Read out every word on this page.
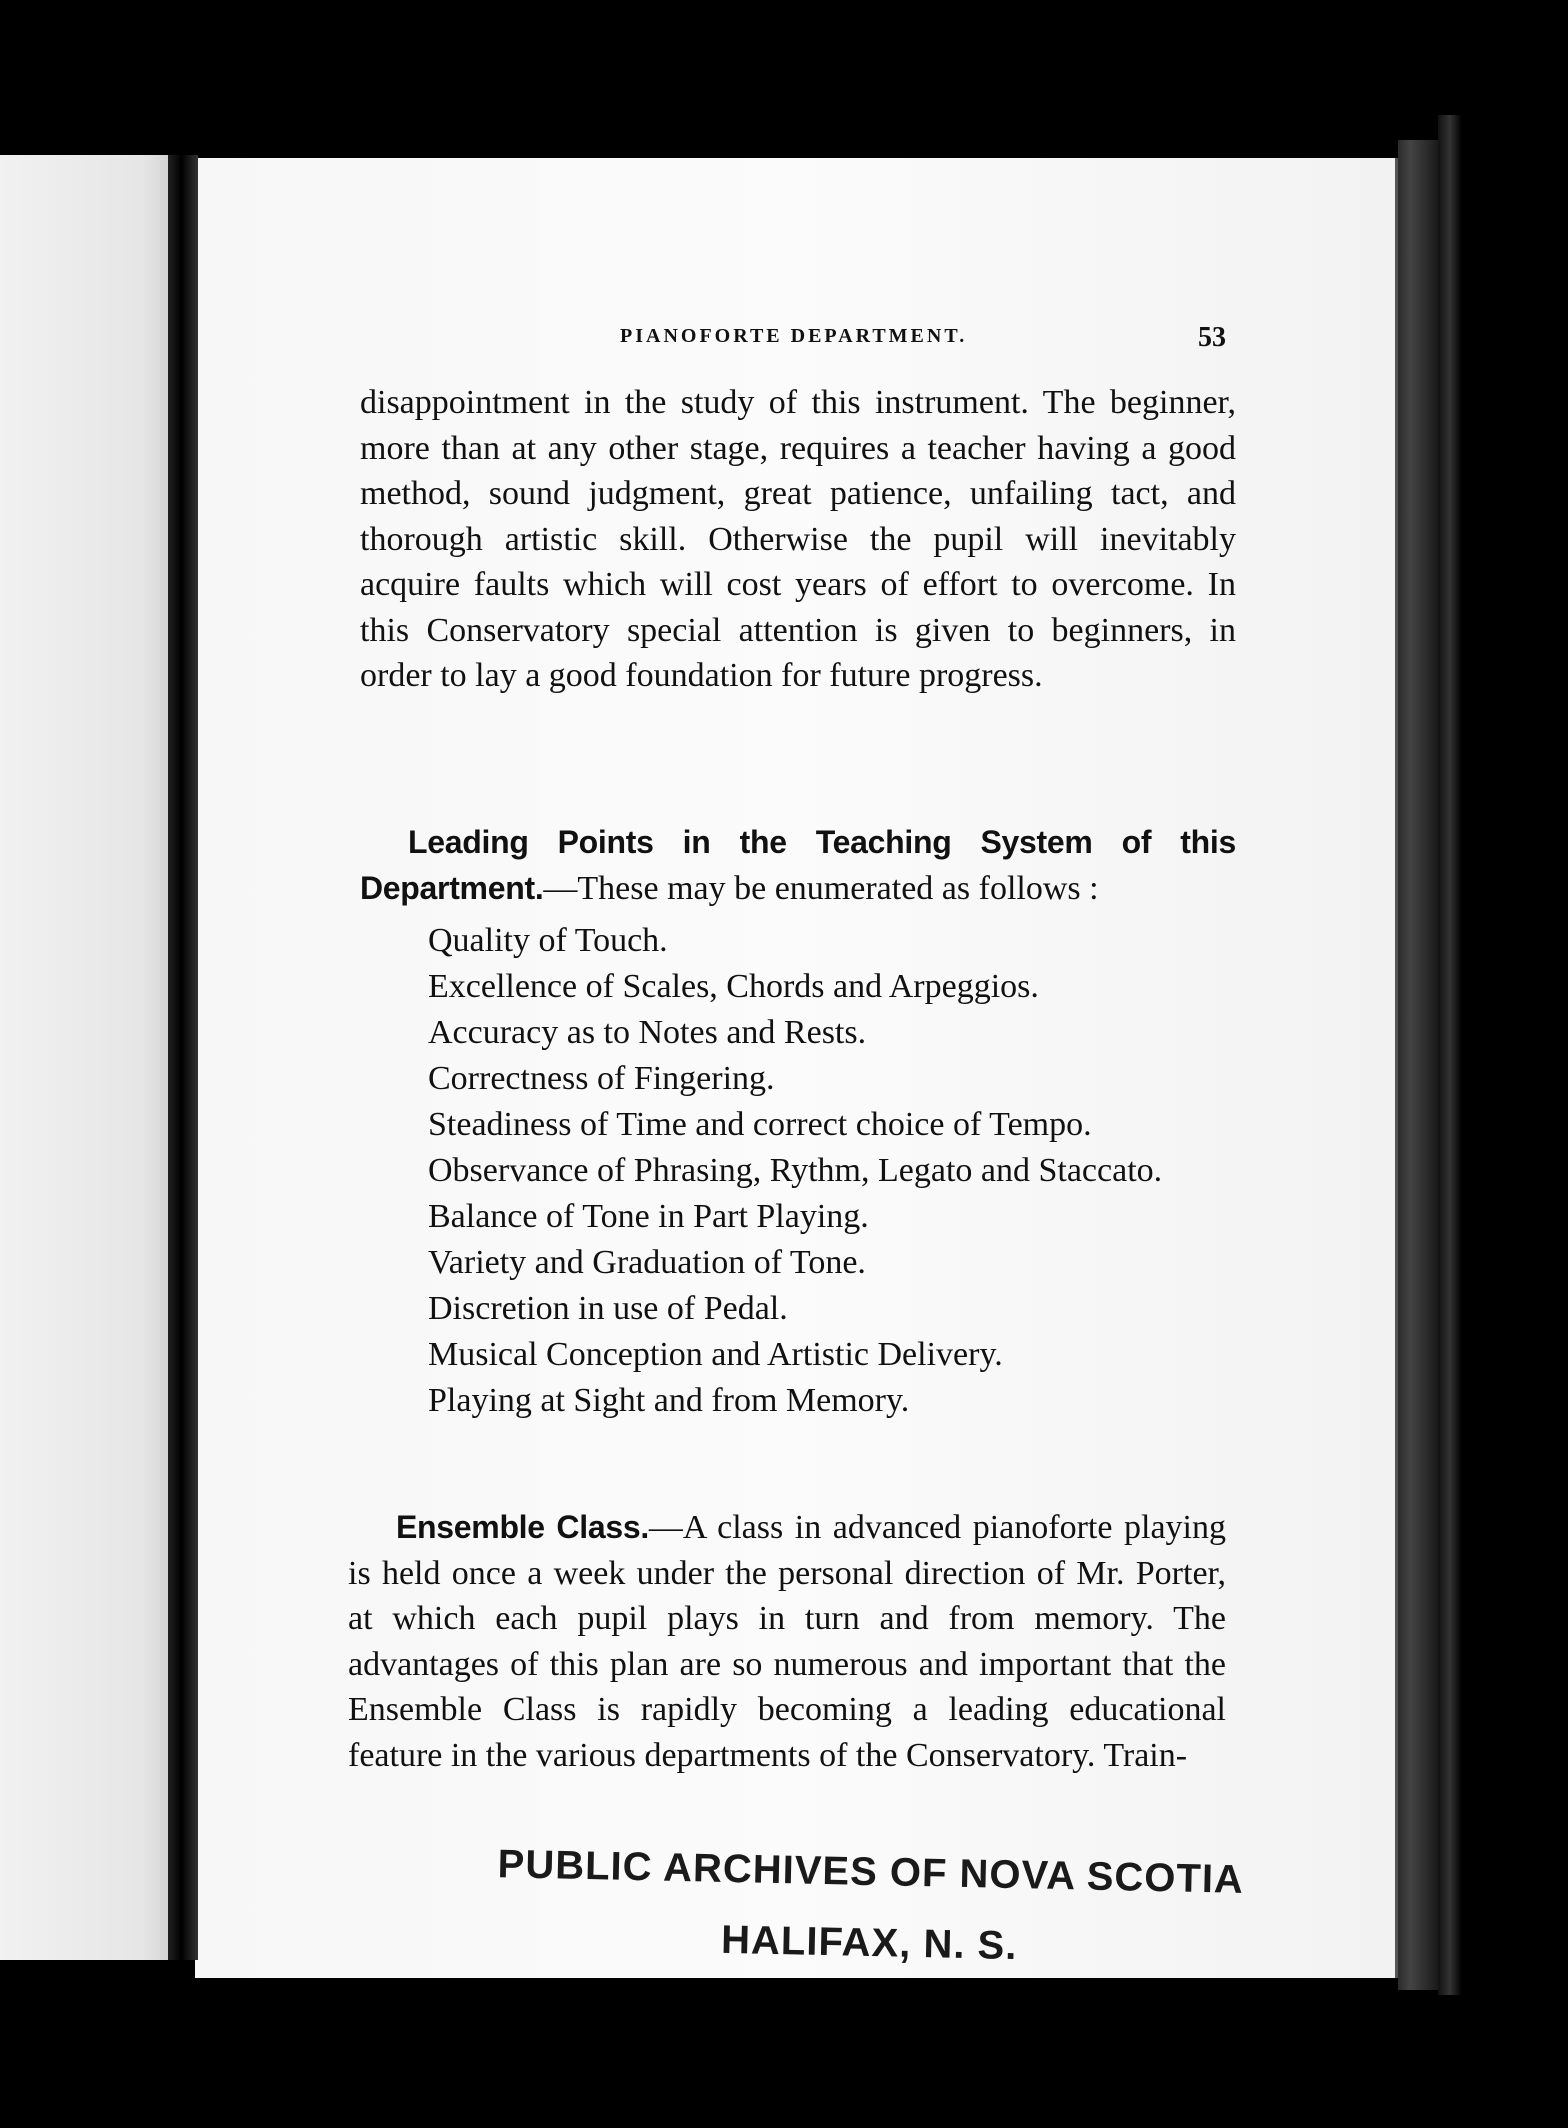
PIANOFORTE DEPARTMENT.	53
disappointment in the study of this instrument. The beginner, more than at any other stage, requires a teacher having a good method, sound judgment, great patience, unfailing tact, and thorough artistic skill. Otherwise the pupil will inevitably acquire faults which will cost years of effort to overcome. In this Conservatory special attention is given to beginners, in order to lay a good foundation for future progress.
Leading Points in the Teaching System of this Department.—These may be enumerated as follows :
Quality of Touch.
Excellence of Scales, Chords and Arpeggios.
Accuracy as to Notes and Rests.
Correctness of Fingering.
Steadiness of Time and correct choice of Tempo.
Observance of Phrasing, Rythm, Legato and Staccato.
Balance of Tone in Part Playing.
Variety and Graduation of Tone.
Discretion in use of Pedal.
Musical Conception and Artistic Delivery.
Playing at Sight and from Memory.
Ensemble Class.—A class in advanced pianoforte playing is held once a week under the personal direction of Mr. Porter, at which each pupil plays in turn and from memory. The advantages of this plan are so numerous and important that the Ensemble Class is rapidly becoming a leading educational feature in the various departments of the Conservatory. Train-
PUBLIC ARCHIVES OF NOVA SCOTIA
HALIFAX, N. S.
